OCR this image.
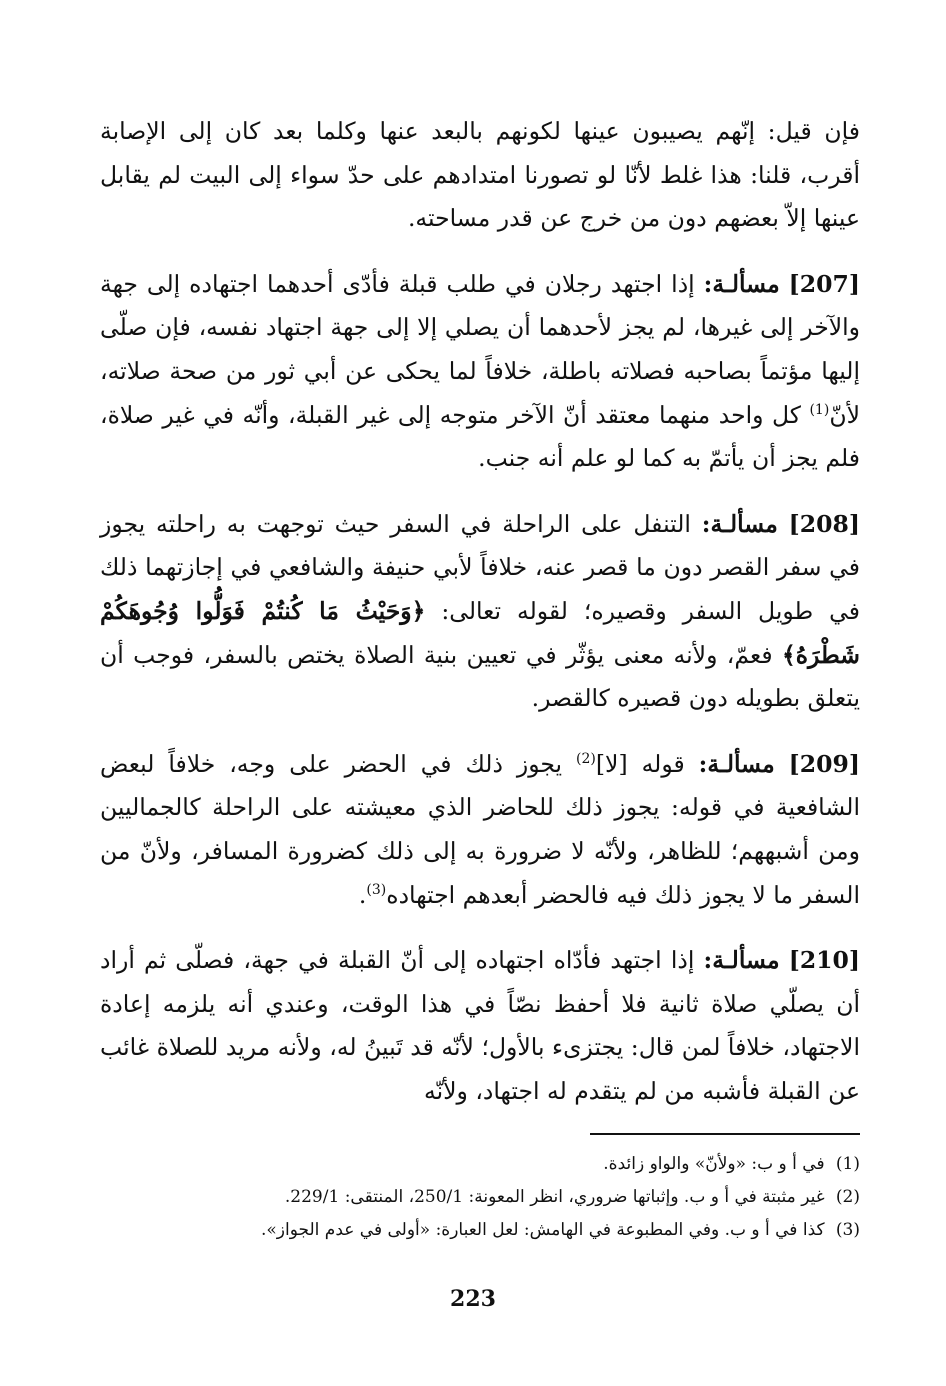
فإن قيل: إنّهم يصيبون عينها لكونهم بالبعد عنها وكلما بعد كان إلى الإصابة أقرب، قلنا: هذا غلط لأنّا لو تصورنا امتدادهم على حدّ سواء إلى البيت لم يقابل عينها إلاّ بعضهم دون من خرج عن قدر مساحته.

[207] مسألـة: إذا اجتهد رجلان في طلب قبلة فأدّى أحدهما اجتهاده إلى جهة والآخر إلى غيرها، لم يجز لأحدهما أن يصلي إلا إلى جهة اجتهاد نفسه، فإن صلّى إليها مؤتماً بصاحبه فصلاته باطلة، خلافاً لما يحكى عن أبي ثور من صحة صلاته، لأنّ$^{(1)}$ كل واحد منهما معتقد أنّ الآخر متوجه إلى غير القبلة، وأنّه في غير صلاة، فلم يجز أن يأتمّ به كما لو علم أنه جنب.

[208] مسألـة: التنفل على الراحلة في السفر حيث توجهت به راحلته يجوز في سفر القصر دون ما قصر عنه، خلافاً لأبي حنيفة والشافعي في إجازتهما ذلك في طويل السفر وقصيره؛ لقوله تعالى: ﴿وَحَيْثُ مَا كُنتُمْ فَوَلُّوا وُجُوهَكُمْ شَطْرَهُ﴾ فعمّ، ولأنه معنى يؤثّر في تعيين بنية الصلاة يختص بالسفر، فوجب أن يتعلق بطويله دون قصيره كالقصر.

[209] مسألـة: قوله [لا]$^{(2)}$ يجوز ذلك في الحضر على وجه، خلافاً لبعض الشافعية في قوله: يجوز ذلك للحاضر الذي معيشته على الراحلة كالجماليين ومن أشبههم؛ للظاهر، ولأنّه لا ضرورة به إلى ذلك كضرورة المسافر، ولأنّ من السفر ما لا يجوز ذلك فيه فالحضر أبعدهم اجتهاده$^{(3)}$.

[210] مسألـة: إذا اجتهد فأدّاه اجتهاده إلى أنّ القبلة في جهة، فصلّى ثم أراد أن يصلّي صلاة ثانية فلا أحفظ نصّاً في هذا الوقت، وعندي أنه يلزمه إعادة الاجتهاد، خلافاً لمن قال: يجتزىء بالأول؛ لأنّه قد تَبينُ له، ولأنه مريد للصلاة غائب عن القبلة فأشبه من لم يتقدم له اجتهاد، ولأنّه

(1) في أ و ب: «ولأنّ» والواو زائدة.

(2) غير مثبتة في أ و ب. وإثباتها ضروري، انظر المعونة: 250/1، المنتقى: 229/1.

(3) كذا في أ و ب. وفي المطبوعة في الهامش: لعل العبارة: «أولى في عدم الجواز».

223
